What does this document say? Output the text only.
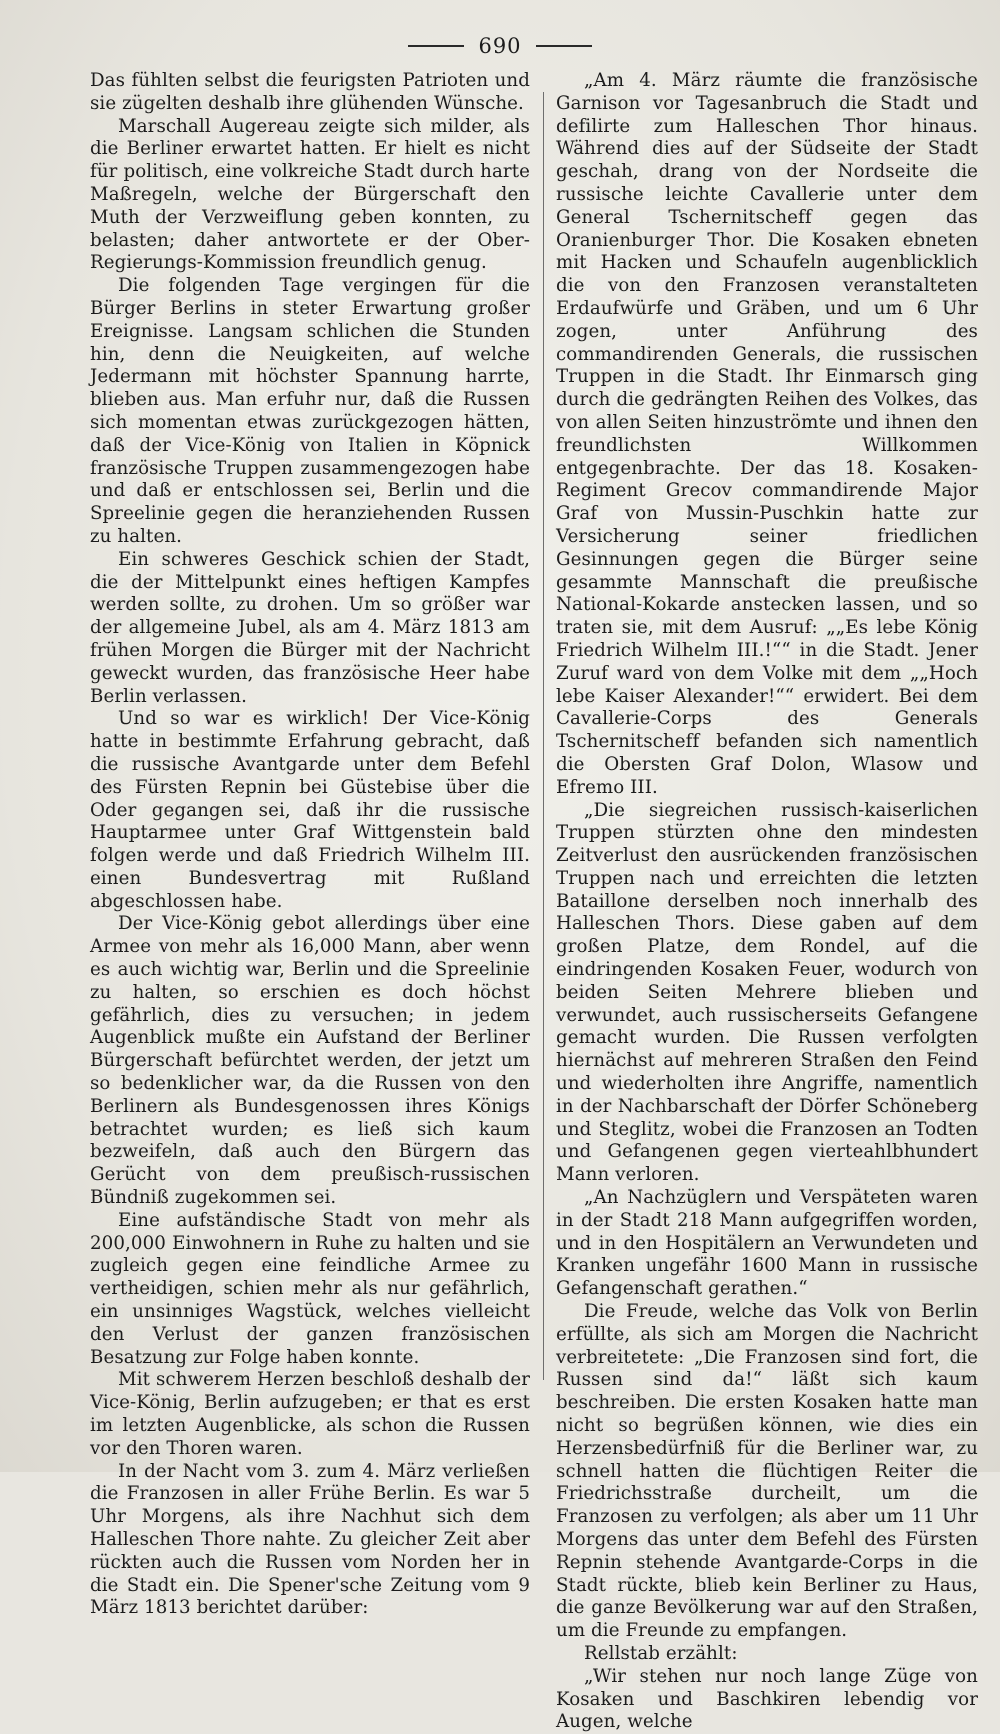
690

Das fühlten selbst die feurigsten Patrioten und sie zügelten deshalb ihre glühenden Wünsche.

Marschall Augereau zeigte sich milder, als die Berliner erwartet hatten. Er hielt es nicht für politisch, eine volkreiche Stadt durch harte Maßregeln, welche der Bürgerschaft den Muth der Verzweiflung geben konnten, zu belasten; daher antwortete er der Ober-Regierungs-Kommission freundlich genug.

Die folgenden Tage vergingen für die Bürger Berlins in steter Erwartung großer Ereignisse. Langsam schlichen die Stunden hin, denn die Neuigkeiten, auf welche Jedermann mit höchster Spannung harrte, blieben aus. Man erfuhr nur, daß die Russen sich momentan etwas zurückgezogen hätten, daß der Vice-König von Italien in Köpnick französische Truppen zusammengezogen habe und daß er entschlossen sei, Berlin und die Spreelinie gegen die heranziehenden Russen zu halten.

Ein schweres Geschick schien der Stadt, die der Mittelpunkt eines heftigen Kampfes werden sollte, zu drohen. Um so größer war der allgemeine Jubel, als am 4. März 1813 am frühen Morgen die Bürger mit der Nachricht geweckt wurden, das französische Heer habe Berlin verlassen.

Und so war es wirklich! Der Vice-König hatte in bestimmte Erfahrung gebracht, daß die russische Avantgarde unter dem Befehl des Fürsten Repnin bei Güstebise über die Oder gegangen sei, daß ihr die russische Hauptarmee unter Graf Wittgenstein bald folgen werde und daß Friedrich Wilhelm III. einen Bundesvertrag mit Rußland abgeschlossen habe.

Der Vice-König gebot allerdings über eine Armee von mehr als 16,000 Mann, aber wenn es auch wichtig war, Berlin und die Spreelinie zu halten, so erschien es doch höchst gefährlich, dies zu versuchen; in jedem Augenblick mußte ein Aufstand der Berliner Bürgerschaft befürchtet werden, der jetzt um so bedenklicher war, da die Russen von den Berlinern als Bundesgenossen ihres Königs betrachtet wurden; es ließ sich kaum bezweifeln, daß auch den Bürgern das Gerücht von dem preußisch-russischen Bündniß zugekommen sei.

Eine aufständische Stadt von mehr als 200,000 Einwohnern in Ruhe zu halten und sie zugleich gegen eine feindliche Armee zu vertheidigen, schien mehr als nur gefährlich, ein unsinniges Wagstück, welches vielleicht den Verlust der ganzen französischen Besatzung zur Folge haben konnte.

Mit schwerem Herzen beschloß deshalb der Vice-König, Berlin aufzugeben; er that es erst im letzten Augenblicke, als schon die Russen vor den Thoren waren.

In der Nacht vom 3. zum 4. März verließen die Franzosen in aller Frühe Berlin. Es war 5 Uhr Morgens, als ihre Nachhut sich dem Halleschen Thore nahte. Zu gleicher Zeit aber rückten auch die Russen vom Norden her in die Stadt ein. Die Spener'sche Zeitung vom 9 März 1813 berichtet darüber:

„Am 4. März räumte die französische Garnison vor Tagesanbruch die Stadt und defilirte zum Halleschen Thor hinaus. Während dies auf der Südseite der Stadt geschah, drang von der Nordseite die russische leichte Cavallerie unter dem General Tschernitscheff gegen das Oranienburger Thor. Die Kosaken ebneten mit Hacken und Schaufeln augenblicklich die von den Franzosen veranstalteten Erdaufwürfe und Gräben, und um 6 Uhr zogen, unter Anführung des commandirenden Generals, die russischen Truppen in die Stadt. Ihr Einmarsch ging durch die gedrängten Reihen des Volkes, das von allen Seiten hinzuströmte und ihnen den freundlichsten Willkommen entgegenbrachte. Der das 18. Kosaken-Regiment Grecov commandirende Major Graf von Mussin-Puschkin hatte zur Versicherung seiner friedlichen Gesinnungen gegen die Bürger seine gesammte Mannschaft die preußische National-Kokarde anstecken lassen, und so traten sie, mit dem Ausruf: „„Es lebe König Friedrich Wilhelm III.!““ in die Stadt. Jener Zuruf ward von dem Volke mit dem „„Hoch lebe Kaiser Alexander!““ erwidert. Bei dem Cavallerie-Corps des Generals Tschernitscheff befanden sich namentlich die Obersten Graf Dolon, Wlasow und Efremo III.

„Die siegreichen russisch-kaiserlichen Truppen stürzten ohne den mindesten Zeitverlust den ausrückenden französischen Truppen nach und erreichten die letzten Bataillone derselben noch innerhalb des Halleschen Thors. Diese gaben auf dem großen Platze, dem Rondel, auf die eindringenden Kosaken Feuer, wodurch von beiden Seiten Mehrere blieben und verwundet, auch russischerseits Gefangene gemacht wurden. Die Russen verfolgten hiernächst auf mehreren Straßen den Feind und wiederholten ihre Angriffe, namentlich in der Nachbarschaft der Dörfer Schöneberg und Steglitz, wobei die Franzosen an Todten und Gefangenen gegen vierteahlbhundert Mann verloren.

„An Nachzüglern und Verspäteten waren in der Stadt 218 Mann aufgegriffen worden, und in den Hospitälern an Verwundeten und Kranken ungefähr 1600 Mann in russische Gefangenschaft gerathen.“

Die Freude, welche das Volk von Berlin erfüllte, als sich am Morgen die Nachricht verbreitetete: „Die Franzosen sind fort, die Russen sind da!“ läßt sich kaum beschreiben. Die ersten Kosaken hatte man nicht so begrüßen können, wie dies ein Herzensbedürfniß für die Berliner war, zu schnell hatten die flüchtigen Reiter die Friedrichsstraße durcheilt, um die Franzosen zu verfolgen; als aber um 11 Uhr Morgens das unter dem Befehl des Fürsten Repnin stehende Avantgarde-Corps in die Stadt rückte, blieb kein Berliner zu Haus, die ganze Bevölkerung war auf den Straßen, um die Freunde zu empfangen.

Rellstab erzählt:

„Wir stehen nur noch lange Züge von Kosaken und Baschkiren lebendig vor Augen, welche
